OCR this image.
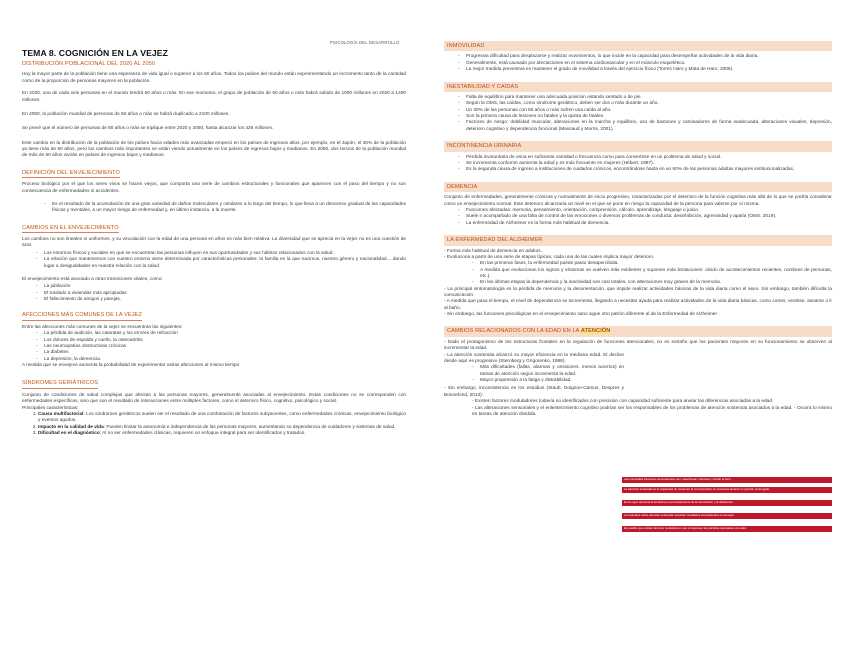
PSICOLOGÍA DEL DESARROLLO
TEMA 8. COGNICIÓN EN LA VEJEZ
DISTRIBUCIÓN POBLACIONAL DEL 2020 AL 2050

Hoy la mayor parte de la población tiene una esperanza de vida igual o superior a los 60 años. Todos los países del mundo están experimentando un incremento tanto de la cantidad como de la proporción de personas mayores en la población.

En 2030, una de cada seis personas en el mundo tendrá 60 años o más. En ese momento, el grupo de población de 60 años o más habrá subido de 1000 millones en 2020 a 1400 millones.

En 2050, la población mundial de personas de 60 años o más se habrá duplicado a 2100 millones.

Se prevé que el número de personas de 80 años o más se triplique entre 2020 y 2050, hasta alcanzar los 426 millones.

Este cambio en la distribución de la población de los países hacia edades más avanzadas empezó en los países de ingresos altos, por ejemplo, en el Japón, el 30% de la población ya tiene más de 60 años, pero los cambios más importantes se están viendo actualmente en los países de ingresos bajos y medianos. En 2050, dos tercios de la población mundial de más de 60 años vivirán en países de ingresos bajos y medianos.

DEFINICIÓN DEL ENVEJECIMIENTO

Proceso biológico por el que los seres vivos se hacen viejos, que comporta una serie de cambios estructurales y funcionales que aparecen con el paso del tiempo y no son consecuencia de enfermedades ni accidentes.

- Es el resultado de la acumulación de una gran variedad de daños moleculares y celulares a lo largo del tiempo, lo que lleva a un descenso gradual de las capacidades físicas y mentales, a un mayor riesgo de enfermedad y, en último instancia, a la muerte.
CAMBIOS EN EL ENVEJECIMIENTO

Los cambios no son lineales ni uniformes, y su vinculación con la edad de una persona en años es más bien relativa. La diversidad que se aprecia en la vejez no es una cuestión de azar.

- Los entornos físicos y sociales en que se encuentran las personas influyen en sus oportunidades y sus hábitos relacionados con la salud.
- La relación que mantenemos con nuestro entorno viene determinada por características personales: la familia en la que nacimos, nuestro género y nacionalidad… dando lugar a desigualdades en nuestra relación con la salud.

El envejecimiento está asociado a otras transiciones vitales, como:

- La jubilación
- El traslado a viviendas más apropiadas
- El fallecimiento de amigos y parejas.
AFECCIONES MÁS COMUNES DE LA VEJEZ

Entre las afecciones más comunes de la vejez se encuentran las siguientes:

- La pérdida de audición, las cataratas y los errores de refracción
- Los dolores de espalda y cuello, la osteoartritis
- Las neumopatías obstructivas crónicas
- La diabetes
- La depresión, la demencia.

A medida que se envejece aumenta la probabilidad de experimentar varias afecciones al mismo tiempo

SÍNDROMES GERIÁTRICOS

Conjunto de condiciones de salud complejas que afectan a las personas mayores, generalmente asociadas al envejecimiento. Estas condiciones no se corresponden con enfermedades específicas, sino que son el resultado de interacciones entre múltiples factores, como el deterioro físico, cognitivo, psicológico y social.

Principales características:

1. Causa multifactorial: Los síndromes geriátricos suelen ser el resultado de una combinación de factores subyacentes, como enfermedades crónicas, envejecimiento biológico y eventos agudos.
2. Impacto en la calidad de vida: Pueden limitar la autonomía e independencia de las personas mayores, aumentando su dependencia de cuidadores y sistemas de salud.
3. Dificultad en el diagnóstico: Al no ser enfermedades clásicas, requieren un enfoque integral para ser identificados y tratados.
INMOVILIDAD
- Progresiva dificultad para desplazarse y realizar movimientos, lo que incide en la capacidad para desempeñar actividades de la vida diaria.
- Generalmente, está causado por afectaciones en el sistema cardiovascular y en el músculo esquelético.
- La mejor medida preventiva es mantener el grado de movilidad a través del ejercicio físico (Torres Haro y Mata de Haro, 2006).
INESTABILIDAD Y CAÍDAS
- Falta de equilibrio para mantener una adecuada posición estando sentado o de pie.
- Según la OMS, las caídas, como síndrome geriátrico, deben ser dos o más durante un año.
- Un 30% de las personas con 65 años o más sufren una caída al año.
- Son la primera causa de lesiones no fatales y la quinta de fatales.
- Factores de riesgo: debilidad muscular, alteraciones en la marcha y equilibrio, uso de bastones y caminadores de forma inadecuada, alteraciones visuales, depresión, deterioro cognitivo y dependencia funcional (Massaud y Morris, 2001).
INCONTINENCIA URINARIA
- Pérdida involuntaria de orina en suficiente cantidad o frecuencia como para convertirse en un problema de salud y social.
- Se incrementa conforme aumenta la edad y es más frecuente en mujeres (Hébert, 1997).
- Es la segunda causa de ingreso a instituciones de cuidados crónicos, encontrándose hasta en un 60% de las personas adultas mayores institucionalizadas.
DEMENCIA

Conjunto de enfermedades, generalmente crónicas y normalmente de inicio progresivo, caracterizadas por el deterioro de la función cognitiva más allá de lo que se podría considerar como un envejecimiento normal. Este deterioro alcanzaría un nivel en el que se pone en riesgo la capacidad de la persona para valerse por sí misma.

- Funciones afectadas: memoria, pensamiento, orientación, comprensión, cálculo, aprendizaje, lenguaje o juicio.
- Suele ir acompañado de una falta de control de las emociones o diversos problemas de conducta: desinhibición, agresividad y apatía (OMS, 2019).
- La enfermedad de Alzheimer es la forma más habitual de demencia.
LA ENFERMEDAD DEL ALZHEIMER

- Forma más habitual de demencia en adultos.

- Evoluciona a partir de una serie de etapas típicas, cada una de las cuales implica mayor deterioro.

- En las primeras fases, la enfermedad puede pasar desapercibida.
- A medida que evolucionan los signos y síntomas se vuelven más evidentes y suponen más limitaciones: olvido de acontecimientos recientes, nombres de personas, etc.).
- En las últimas etapas la dependencia y la inactividad son casi totales, con alteraciones muy graves de la memoria.

- La principal sintomatología es la pérdida de memoria y la desorientación, que impide realizar actividades básicas de la vida diaria como el aseo. Sin embargo, también dificulta la comunicación.

- A medida que pasa el tiempo, el nivel de dependencia se incrementa, llegando a necesitar ayuda para realizar actividades de la vida diaria básicas, como comer, vestirse, asearse o ir al baño.

- Sin embargo, las funciones psicológicas en el envejecimiento sano sigue otro patrón diferente al de la Enfermedad de Alzheimer

CAMBIOS RELACIONADOS CON LA EDAD EN LA ATENCIÓN

- Dado el protagonismo de las estructuras frontales en la regulación de funciones atencionales, no es extraño que los pacientes mayores en su funcionamiento se observen al incrementar la edad.

- La atención sostenida alcanzó su mayor eficiencia en la mediana edad. El declive desde aquí es progresivo (Sternberg y Grigorenko, 1988).

- Más dificultades (fallas, alarmas y omisiones, menos aciertos) en tareas de atención según incrementa la edad.
- Mayor propensión a la fatiga y distrabilidad.

- Sin embargo, inconsistencia en los estudios (Staub, Doignon-Camus, Despres y Bonnefond, 2013):

- Existen factores moduladores todavía no identificados con precisión con capacidad suficiente para anular las diferencias asociadas a la edad.

- Las alteraciones sensoriales y el enlentecimiento cognitivo podrían ser los responsables de los problemas de atención sostenida asociados a la edad. - Ocurra lo mismo en tareas de atención dividida.

Las principales funciones de la atención son: seleccionar, mantener y dividir el foco.
La atención sostenida es la capacidad de mantener la concentración en una tarea durante un periodo prolongado.
En la vejez aumenta la lentitud en el procesamiento de la información y la distracción.
Los estudios sobre atención sostenida muestran resultados inconsistentes en la vejez.
Es posible que existan factores moduladores que compensen las pérdidas asociadas a la edad.
